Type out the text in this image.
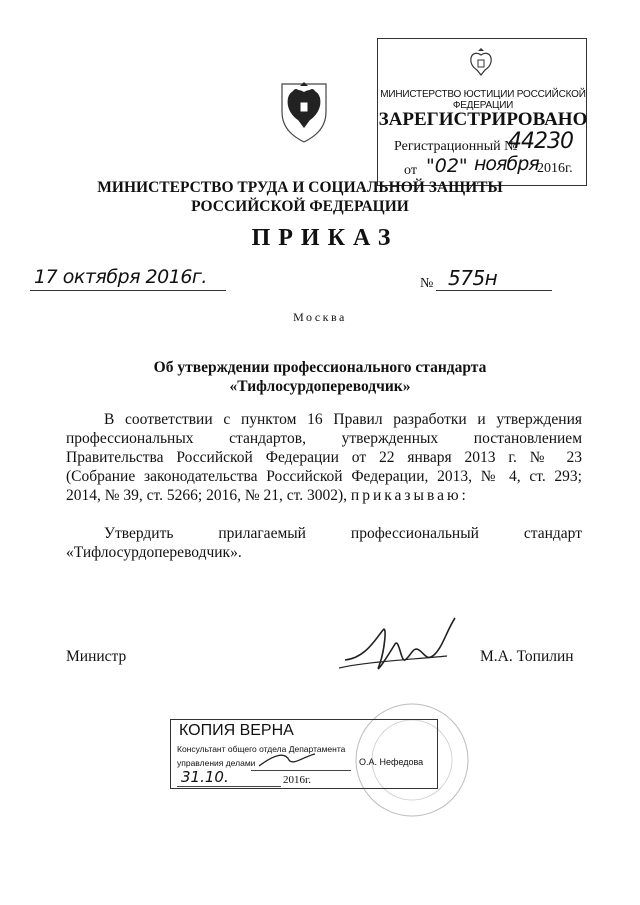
МИНИСТЕРСТВО ЮСТИЦИИ РОССИЙСКОЙ ФЕДЕРАЦИИ
ЗАРЕГИСТРИРОВАНО
Регистрационный №
44230
от "02" ноября
2016г.
МИНИСТЕРСТВО ТРУДА И СОЦИАЛЬНОЙ ЗАЩИТЫ
РОССИЙСКОЙ ФЕДЕРАЦИИ
ПРИКАЗ
17 октября 2016г.	№ 575н
Москва
Об утверждении профессионального стандарта
«Тифлосурдопереводчик»
В соответствии с пунктом 16 Правил разработки и утверждения
профессиональных стандартов, утвержденных постановлением
Правительства Российской Федерации от 22 января 2013 г. № 23
(Собрание законодательства Российской Федерации, 2013, № 4, ст. 293;
2014, № 39, ст. 5266; 2016, № 21, ст. 3002), приказываю:
Утвердить прилагаемый профессиональный стандарт
«Тифлосурдопереводчик».
Министр	М.А. Топилин
КОПИЯ ВЕРНА
Консультант общего отдела Департамента
управления делами	О.А. Нефедова
31.10.	2016г.
